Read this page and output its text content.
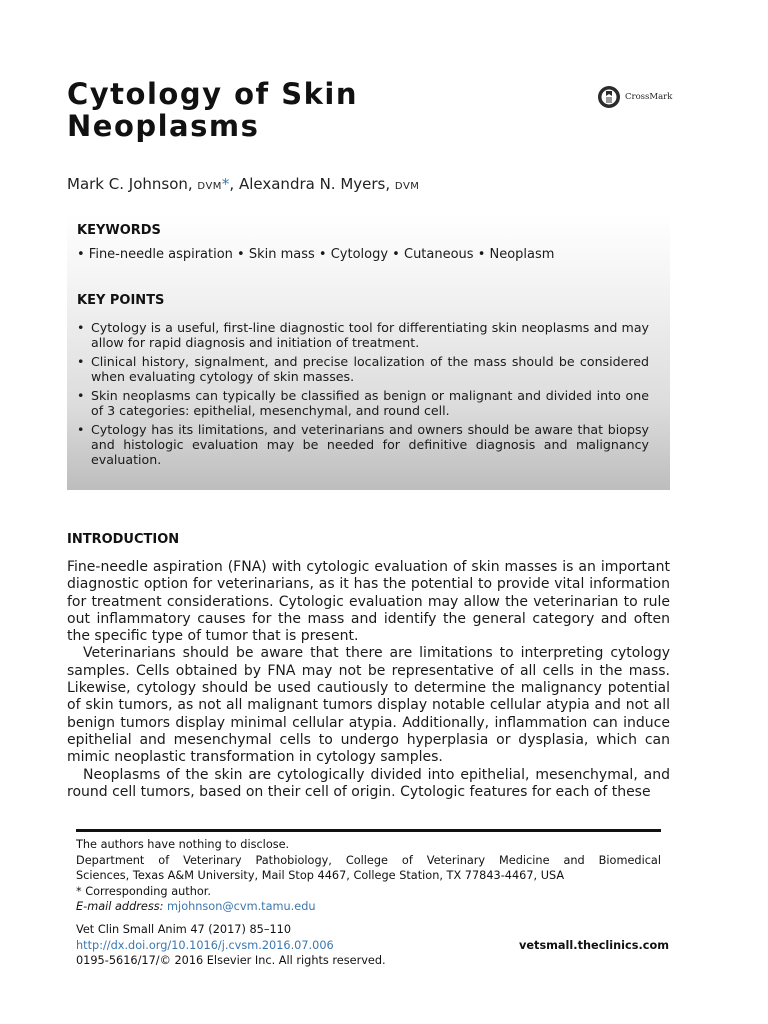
Cytology of Skin
Neoplasms
CrossMark
Mark C. Johnson, DVM*, Alexandra N. Myers, DVM
KEYWORDS
• Fine-needle aspiration • Skin mass • Cytology • Cutaneous • Neoplasm
KEY POINTS
• Cytology is a useful, first-line diagnostic tool for differentiating skin neoplasms and may allow for rapid diagnosis and initiation of treatment.
• Clinical history, signalment, and precise localization of the mass should be considered when evaluating cytology of skin masses.
• Skin neoplasms can typically be classified as benign or malignant and divided into one of 3 categories: epithelial, mesenchymal, and round cell.
• Cytology has its limitations, and veterinarians and owners should be aware that biopsy and histologic evaluation may be needed for definitive diagnosis and malignancy evaluation.
INTRODUCTION

Fine-needle aspiration (FNA) with cytologic evaluation of skin masses is an important diagnostic option for veterinarians, as it has the potential to provide vital information for treatment considerations. Cytologic evaluation may allow the veterinarian to rule out inflammatory causes for the mass and identify the general category and often the specific type of tumor that is present.

Veterinarians should be aware that there are limitations to interpreting cytology samples. Cells obtained by FNA may not be representative of all cells in the mass. Likewise, cytology should be used cautiously to determine the malignancy potential of skin tumors, as not all malignant tumors display notable cellular atypia and not all benign tumors display minimal cellular atypia. Additionally, inflammation can induce epithelial and mesenchymal cells to undergo hyperplasia or dysplasia, which can mimic neoplastic transformation in cytology samples.

Neoplasms of the skin are cytologically divided into epithelial, mesenchymal, and round cell tumors, based on their cell of origin. Cytologic features for each of these

The authors have nothing to disclose.
Department of Veterinary Pathobiology, College of Veterinary Medicine and Biomedical
Sciences, Texas A&M University, Mail Stop 4467, College Station, TX 77843-4467, USA
* Corresponding author.
E-mail address: mjohnson@cvm.tamu.edu
Vet Clin Small Anim 47 (2017) 85–110
http://dx.doi.org/10.1016/j.cvsm.2016.07.006	vetsmall.theclinics.com
0195-5616/17/© 2016 Elsevier Inc. All rights reserved.
